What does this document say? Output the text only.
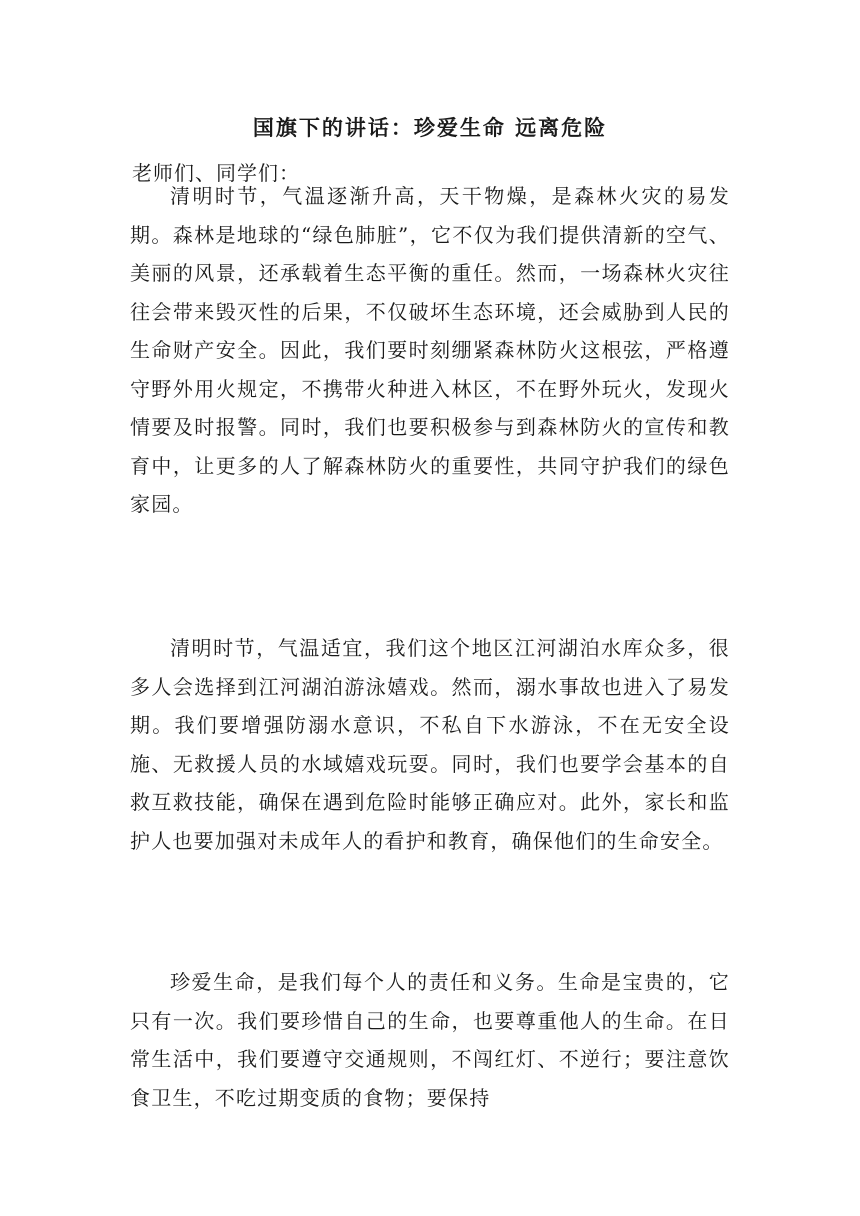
国旗下的讲话：珍爱生命 远离危险

老师们、同学们：

清明时节，气温逐渐升高，天干物燥，是森林火灾的易发期。森林是地球的“绿色肺脏”，它不仅为我们提供清新的空气、美丽的风景，还承载着生态平衡的重任。然而，一场森林火灾往往会带来毁灭性的后果，不仅破坏生态环境，还会威胁到人民的生命财产安全。因此，我们要时刻绷紧森林防火这根弦，严格遵守野外用火规定，不携带火种进入林区，不在野外玩火，发现火情要及时报警。同时，我们也要积极参与到森林防火的宣传和教育中，让更多的人了解森林防火的重要性，共同守护我们的绿色家园。

清明时节，气温适宜，我们这个地区江河湖泊水库众多，很多人会选择到江河湖泊游泳嬉戏。然而，溺水事故也进入了易发期。我们要增强防溺水意识，不私自下水游泳，不在无安全设施、无救援人员的水域嬉戏玩耍。同时，我们也要学会基本的自救互救技能，确保在遇到危险时能够正确应对。此外，家长和监护人也要加强对未成年人的看护和教育，确保他们的生命安全。

珍爱生命，是我们每个人的责任和义务。生命是宝贵的，它只有一次。我们要珍惜自己的生命，也要尊重他人的生命。在日常生活中，我们要遵守交通规则，不闯红灯、不逆行；要注意饮食卫生，不吃过期变质的食物；要保持
